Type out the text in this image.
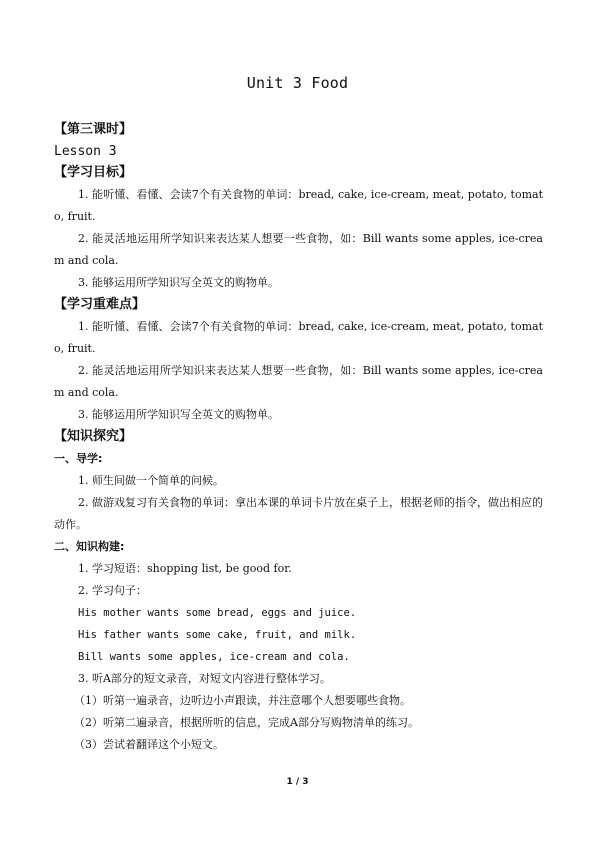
Unit 3 Food
【第三课时】
Lesson 3
【学习目标】
1. 能听懂、看懂、会读7个有关食物的单词：bread, cake, ice-cream, meat, potato, tomato, fruit.
2. 能灵活地运用所学知识来表达某人想要一些食物，如：Bill wants some apples, ice-cream and cola.
3. 能够运用所学知识写全英文的购物单。
【学习重难点】
1. 能听懂、看懂、会读7个有关食物的单词：bread, cake, ice-cream, meat, potato, tomato, fruit.
2. 能灵活地运用所学知识来表达某人想要一些食物，如：Bill wants some apples, ice-cream and cola.
3. 能够运用所学知识写全英文的购物单。
【知识探究】
一、导学:
1. 师生间做一个简单的问候。
2. 做游戏复习有关食物的单词：拿出本课的单词卡片放在桌子上，根据老师的指令，做出相应的动作。
二、知识构建:
1. 学习短语：shopping list, be good for.
2. 学习句子：
His mother wants some bread, eggs and juice.
His father wants some cake, fruit, and milk.
Bill wants some apples, ice-cream and cola.
3. 听A部分的短文录音，对短文内容进行整体学习。
（1）听第一遍录音，边听边小声跟读，并注意哪个人想要哪些食物。
（2）听第二遍录音，根据所听的信息，完成A部分写购物清单的练习。
（3）尝试着翻译这个小短文。
1 / 3
